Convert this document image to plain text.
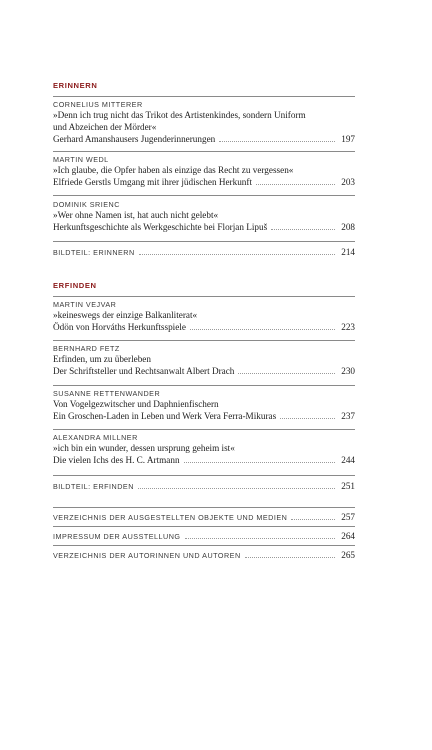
ERINNERN
CORNELIUS MITTERER
»Denn ich trug nicht das Trikot des Artistenkindes, sondern Uniform
und Abzeichen der Mörder«
Gerhard Amanshausers Jugenderinnerungen	197
MARTIN WEDL
»Ich glaube, die Opfer haben als einzige das Recht zu vergessen«
Elfriede Gerstls Umgang mit ihrer jüdischen Herkunft	203
DOMINIK SRIENC
»Wer ohne Namen ist, hat auch nicht gelebt«
Herkunftsgeschichte als Werkgeschichte bei Florjan Lipuš	208
BILDTEIL: ERINNERN	214
ERFINDEN
MARTIN VEJVAR
»keineswegs der einzige Balkanliterat«
Ödön von Horváths Herkunftsspiele	223
BERNHARD FETZ
Erfinden, um zu überleben
Der Schriftsteller und Rechtsanwalt Albert Drach	230
SUSANNE RETTENWANDER
Von Vogelgezwitscher und Daphnienfischern
Ein Groschen-Laden in Leben und Werk Vera Ferra-Mikuras	237
ALEXANDRA MILLNER
»ich bin ein wunder, dessen ursprung geheim ist«
Die vielen Ichs des H. C. Artmann	244
BILDTEIL: ERFINDEN	251
VERZEICHNIS DER AUSGESTELLTEN OBJEKTE UND MEDIEN	257
IMPRESSUM DER AUSSTELLUNG	264
VERZEICHNIS DER AUTORINNEN UND AUTOREN	265
